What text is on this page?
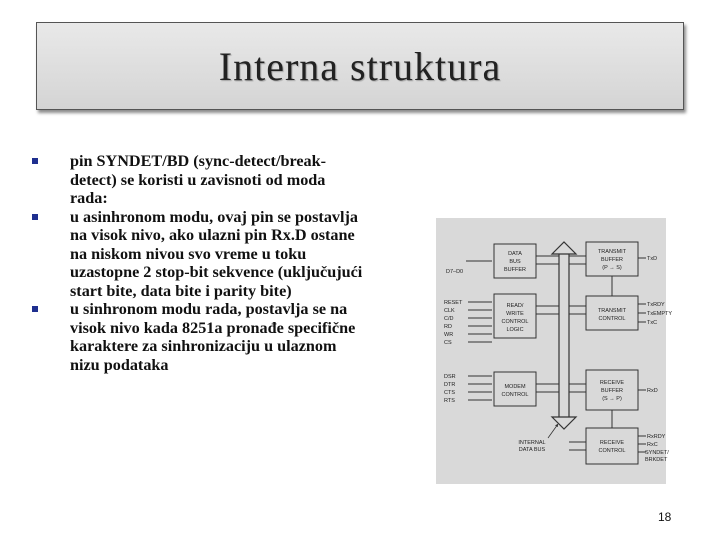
Interna struktura
pin SYNDET/BD (sync-detect/break-detect) se koristi u zavisnoti od moda rada:
u asinhronom modu, ovaj pin se postavlja na visok nivo, ako ulazni pin Rx.D ostane na niskom nivou svo vreme u toku uzastopne 2 stop-bit sekvence (uključujući start bite, data bite i parity bite)
u sinhronom modu rada, postavlja se na visok nivo kada 8251a pronađe specifične karaktere za sinhronizaciju u ulaznom nizu podataka
DATA
BUS
BUFFER
READ/
WRITE
CONTROL
LOGIC
MODEM
CONTROL
TRANSMIT
BUFFER
(P → S)
TRANSMIT
CONTROL
RECEIVE
BUFFER
(S → P)
RECEIVE
CONTROL
INTERNAL
DATA BUS
D7–D0
RESET
CLK
C/D
RD
WR
CS
DSR
DTR
CTS
RTS
TxD
TxRDY
TxEMPTY
TxC
RxD
RxRDY
RxC
SYNDET/
BRKDET
18
